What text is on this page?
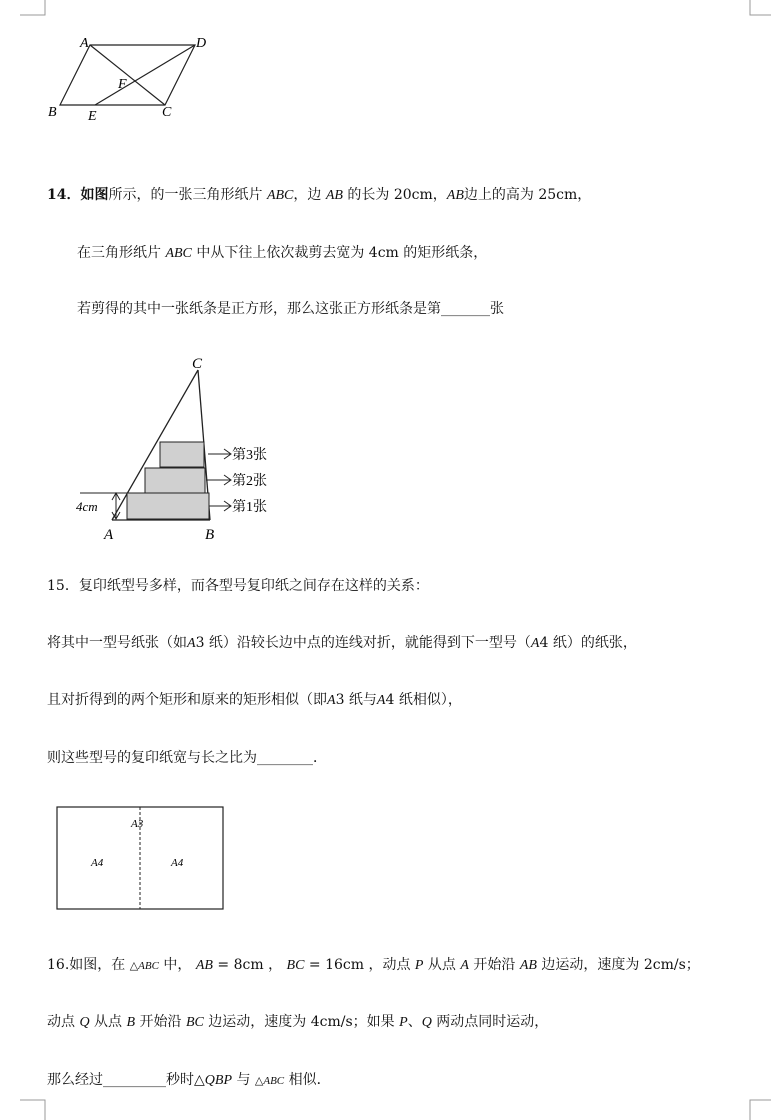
A	D
F
B E	C
14．如图所示，的一张三角形纸片 ABC，边 AB 的长为 20cm，AB边上的高为 25cm，
在三角形纸片 ABC 中从下往上依次裁剪去宽为 4cm 的矩形纸条，
若剪得的其中一张纸条是正方形，那么这张正方形纸条是第_______张
C
A	B
4cm
第3张
第2张
第1张
15．复印纸型号多样，而各型号复印纸之间存在这样的关系：
将其中一型号纸张（如A3 纸）沿较长边中点的连线对折，就能得到下一型号（A4 纸）的纸张，
且对折得到的两个矩形和原来的矩形相似（即A3 纸与A4 纸相似），
则这些型号的复印纸宽与长之比为________．
A3
A4	A4
16.如图，在 △ABC 中， AB = 8cm ， BC = 16cm ，动点 P 从点 A 开始沿 AB 边运动，速度为 2cm/s；
动点 Q 从点 B 开始沿 BC 边运动，速度为 4cm/s；如果 P、Q 两动点同时运动，
那么经过_________秒时△QBP 与 △ABC 相似．
